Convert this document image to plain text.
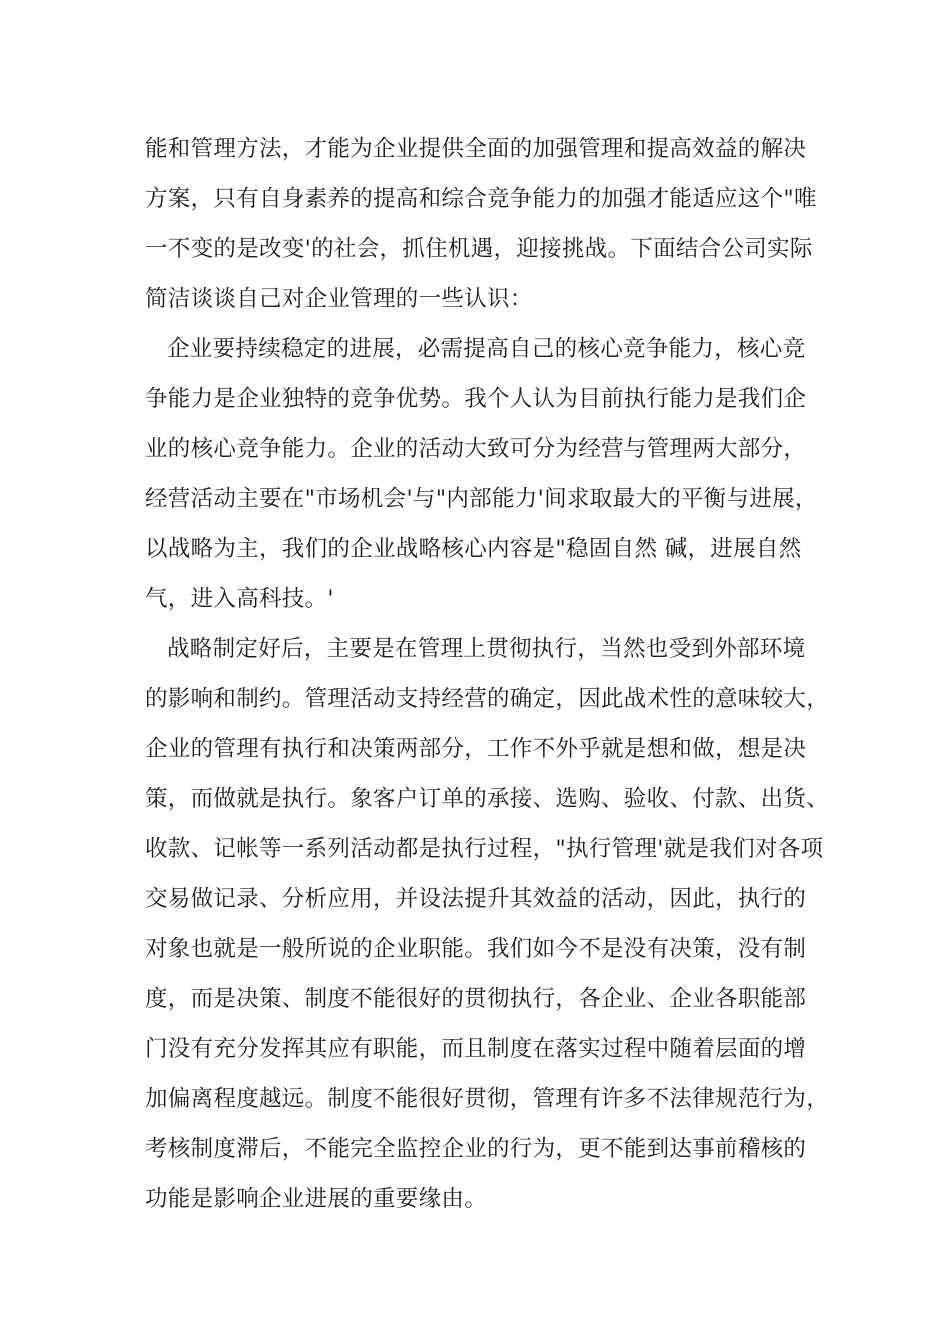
能和管理方法，才能为企业提供全面的加强管理和提高效益的解决
方案，只有自身素养的提高和综合竞争能力的加强才能适应这个"唯
一不变的是改变'的社会，抓住机遇，迎接挑战。下面结合公司实际
简洁谈谈自己对企业管理的一些认识：
企业要持续稳定的进展，必需提高自己的核心竞争能力，核心竞
争能力是企业独特的竞争优势。我个人认为目前执行能力是我们企
业的核心竞争能力。企业的活动大致可分为经营与管理两大部分，
经营活动主要在"市场机会'与"内部能力'间求取最大的平衡与进展，
以战略为主，我们的企业战略核心内容是"稳固自然 碱，进展自然
气，进入高科技。'
战略制定好后，主要是在管理上贯彻执行，当然也受到外部环境
的影响和制约。管理活动支持经营的确定，因此战术性的意味较大，
企业的管理有执行和决策两部分，工作不外乎就是想和做，想是决
策，而做就是执行。象客户订单的承接、选购、验收、付款、出货、
收款、记帐等一系列活动都是执行过程，"执行管理'就是我们对各项
交易做记录、分析应用，并设法提升其效益的活动，因此，执行的
对象也就是一般所说的企业职能。我们如今不是没有决策，没有制
度，而是决策、制度不能很好的贯彻执行，各企业、企业各职能部
门没有充分发挥其应有职能，而且制度在落实过程中随着层面的增
加偏离程度越远。制度不能很好贯彻，管理有许多不法律规范行为，
考核制度滞后，不能完全监控企业的行为，更不能到达事前稽核的
功能是影响企业进展的重要缘由。
